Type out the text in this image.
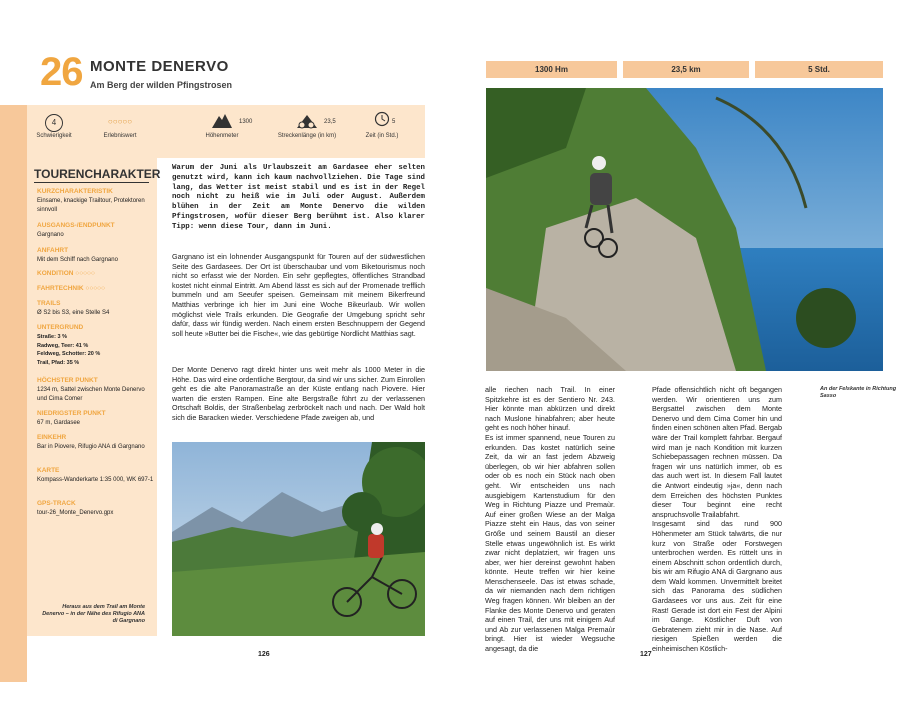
26 MONTE DENERVO
Am Berg der wilden Pfingstrosen
4
Schwierigkeit
○○○○○
Erlebniswert
1300
Höhenmeter
23,5
Streckenlänge (in km)
5
Zeit (in Std.)
TOURENCHARAKTER
KURZCHARAKTERISTIK
Einsame, knackige Trailtour, Protektoren sinnvoll
AUSGANGS-/ENDPUNKT
Gargnano
ANFAHRT
Mit dem Schiff nach Gargnano
KONDITION ○○○○○
FAHRTECHNIK ○○○○○
TRAILS
Ø S2 bis S3, eine Stelle S4
UNTERGRUND
Straße: 3 %
Radweg, Teer: 41 %
Feldweg, Schotter: 20 %
Trail, Pfad: 35 %
HÖCHSTER PUNKT
1234 m, Sattel zwischen Monte Denervo und Cima Comer
NIEDRIGSTER PUNKT
67 m, Gardasee
EINKEHR
Bar in Piovere, Rifugio ANA di Gargnano
KARTE
Kompass-Wanderkarte 1:35 000, WK 697-1
GPS-TRACK
tour-26_Monte_Denervo.gpx
Heraus aus dem Trail am Monte Denervo – in der Nähe des Rifugio ANA di Gargnano
Warum der Juni als Urlaubszeit am Gardasee eher selten genutzt wird, kann ich kaum nachvollziehen. Die Tage sind lang, das Wetter ist meist stabil und es ist in der Regel noch nicht zu heiß wie im Juli oder August. Außerdem blühen in der Zeit am Monte Denervo die wilden Pfingstrosen, wofür dieser Berg berühmt ist. Also klarer Tipp: wenn diese Tour, dann im Juni.
Gargnano ist ein lohnender Ausgangspunkt für Touren auf der südwestlichen Seite des Gardasees. Der Ort ist überschaubar und vom Biketourismus noch nicht so erfasst wie der Norden. Ein sehr gepflegtes, öffentliches Strandbad kostet nicht einmal Eintritt. Am Abend lässt es sich auf der Promenade trefflich bummeln und am Seeufer speisen. Gemeinsam mit meinem Bikerfreund Matthias verbringe ich hier im Juni eine Woche Bikeurlaub. Wir wollen möglichst viele Trails erkunden. Die Geografie der Umgebung spricht sehr dafür, dass wir fündig werden. Nach einem ersten Beschnuppern der Gegend soll heute »Butter bei die Fische«, wie das gebürtige Nordlicht Matthias sagt.
Der Monte Denervo ragt direkt hinter uns weit mehr als 1000 Meter in die Höhe. Das wird eine ordentliche Bergtour, da sind wir uns sicher. Zum Einrollen geht es die alte Panoramastraße an der Küste entlang nach Piovere. Hier warten die ersten Rampen. Eine alte Bergstraße führt zu der verlassenen Ortschaft Boldis, der Straßenbelag zerbröckelt nach und nach. Der Wald holt sich die Baracken wieder. Verschiedene Pfade zweigen ab, und
126
1300 Hm	23,5 km	5 Std.
An der Felskante in Richtung Sasso
alle riechen nach Trail. In einer Spitzkehre ist es der Sentiero Nr. 243. Hier könnte man abkürzen und direkt nach Muslone hinabfahren; aber heute geht es noch höher hinauf.
Es ist immer spannend, neue Touren zu erkunden. Das kostet natürlich seine Zeit, da wir an fast jedem Abzweig überlegen, ob wir hier abfahren sollen oder ob es noch ein Stück nach oben geht. Wir entscheiden uns nach ausgiebigem Kartenstudium für den Weg in Richtung Piazze und Premaùr. Auf einer großen Wiese an der Malga Piazze steht ein Haus, das von seiner Größe und seinem Baustil an dieser Stelle etwas ungewöhnlich ist. Es wirkt zwar nicht deplatziert, wir fragen uns aber, wer hier dereinst gewohnt haben könnte. Heute treffen wir hier keine Menschenseele. Das ist etwas schade, da wir niemanden nach dem richtigen Weg fragen können. Wir bleiben an der Flanke des Monte Denervo und geraten auf einen Trail, der uns mit einigem Auf und Ab zur verlassenen Malga Premaùr bringt. Hier ist wieder Wegsuche angesagt, da die
Pfade offensichtlich nicht oft begangen werden. Wir orientieren uns zum Bergsattel zwischen dem Monte Denervo und dem Cima Comer hin und finden einen schönen alten Pfad. Bergab wäre der Trail komplett fahrbar. Bergauf wird man je nach Kondition mit kurzen Schiebepassagen rechnen müssen. Da fragen wir uns natürlich immer, ob es das auch wert ist. In diesem Fall lautet die Antwort eindeutig »ja«, denn nach dem Erreichen des höchsten Punktes dieser Tour beginnt eine recht anspruchsvolle Trailabfahrt.
Insgesamt sind das rund 900 Höhenmeter am Stück talwärts, die nur kurz von Straße oder Forstwegen unterbrochen werden. Es rüttelt uns in einem Abschnitt schon ordentlich durch, bis wir am Rifugio ANA di Gargnano aus dem Wald kommen. Unvermittelt breitet sich das Panorama des südlichen Gardasees vor uns aus. Zeit für eine Rast! Gerade ist dort ein Fest der Alpini im Gange. Köstlicher Duft von Gebratenem zieht mir in die Nase. Auf riesigen Spießen werden die einheimischen Köstlich-
127
